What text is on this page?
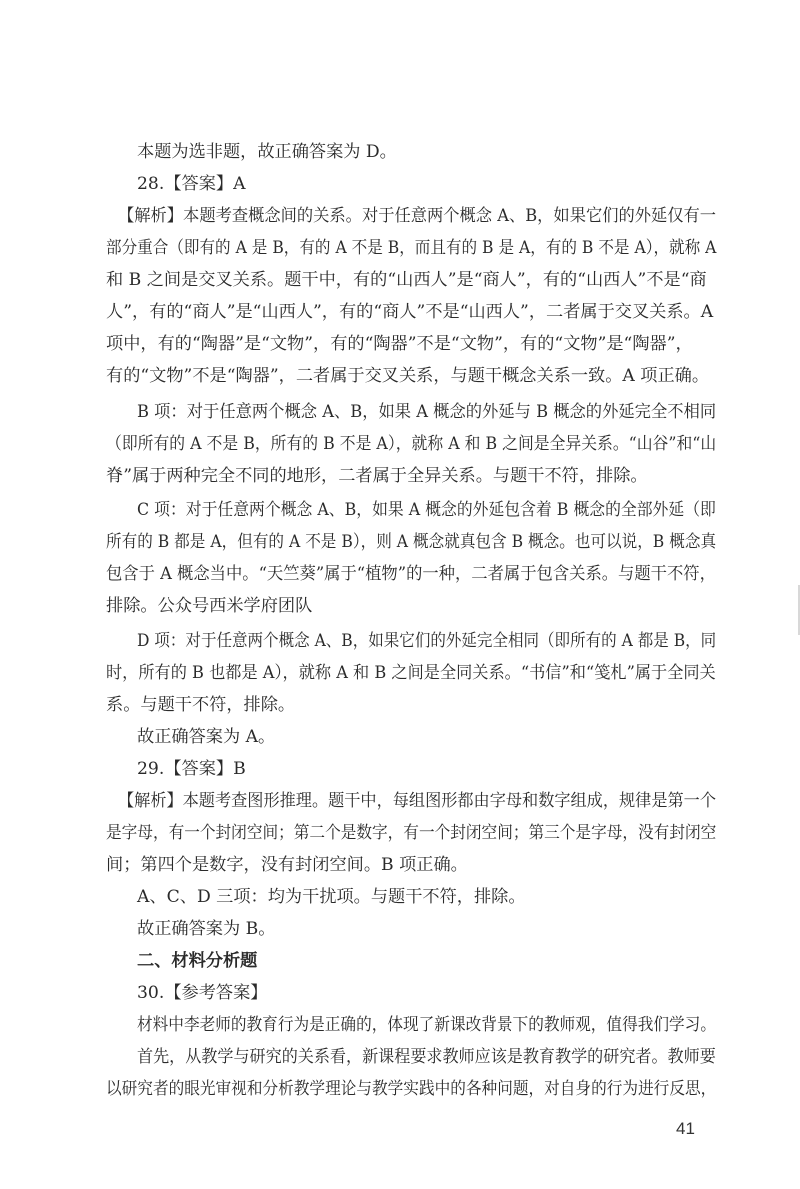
本题为选非题，故正确答案为 D。
28.【答案】A
【解析】本题考查概念间的关系。对于任意两个概念 A、B，如果它们的外延仅有一
部分重合（即有的 A 是 B，有的 A 不是 B，而且有的 B 是 A，有的 B 不是 A），就称 A
和 B 之间是交叉关系。题干中，有的“山西人”是“商人”，有的“山西人”不是“商
人”，有的“商人”是“山西人”，有的“商人”不是“山西人”，二者属于交叉关系。A
项中，有的“陶器”是“文物”，有的“陶器”不是“文物”，有的“文物”是“陶器”，
有的“文物”不是“陶器”，二者属于交叉关系，与题干概念关系一致。A 项正确。
B 项：对于任意两个概念 A、B，如果 A 概念的外延与 B 概念的外延完全不相同
（即所有的 A 不是 B，所有的 B 不是 A），就称 A 和 B 之间是全异关系。“山谷”和“山
脊”属于两种完全不同的地形，二者属于全异关系。与题干不符，排除。
C 项：对于任意两个概念 A、B，如果 A 概念的外延包含着 B 概念的全部外延（即
所有的 B 都是 A，但有的 A 不是 B），则 A 概念就真包含 B 概念。也可以说，B 概念真
包含于 A 概念当中。“天竺葵”属于“植物”的一种，二者属于包含关系。与题干不符，
排除。公众号西米学府团队
D 项：对于任意两个概念 A、B，如果它们的外延完全相同（即所有的 A 都是 B，同
时，所有的 B 也都是 A），就称 A 和 B 之间是全同关系。“书信”和“笺札”属于全同关
系。与题干不符，排除。
故正确答案为 A。
29.【答案】B
【解析】本题考查图形推理。题干中，每组图形都由字母和数字组成，规律是第一个
是字母，有一个封闭空间；第二个是数字，有一个封闭空间；第三个是字母，没有封闭空
间；第四个是数字，没有封闭空间。B 项正确。
A、C、D 三项：均为干扰项。与题干不符，排除。
故正确答案为 B。
二、材料分析题
30.【参考答案】
材料中李老师的教育行为是正确的，体现了新课改背景下的教师观，值得我们学习。
首先，从教学与研究的关系看，新课程要求教师应该是教育教学的研究者。教师要
以研究者的眼光审视和分析教学理论与教学实践中的各种问题，对自身的行为进行反思，
41
